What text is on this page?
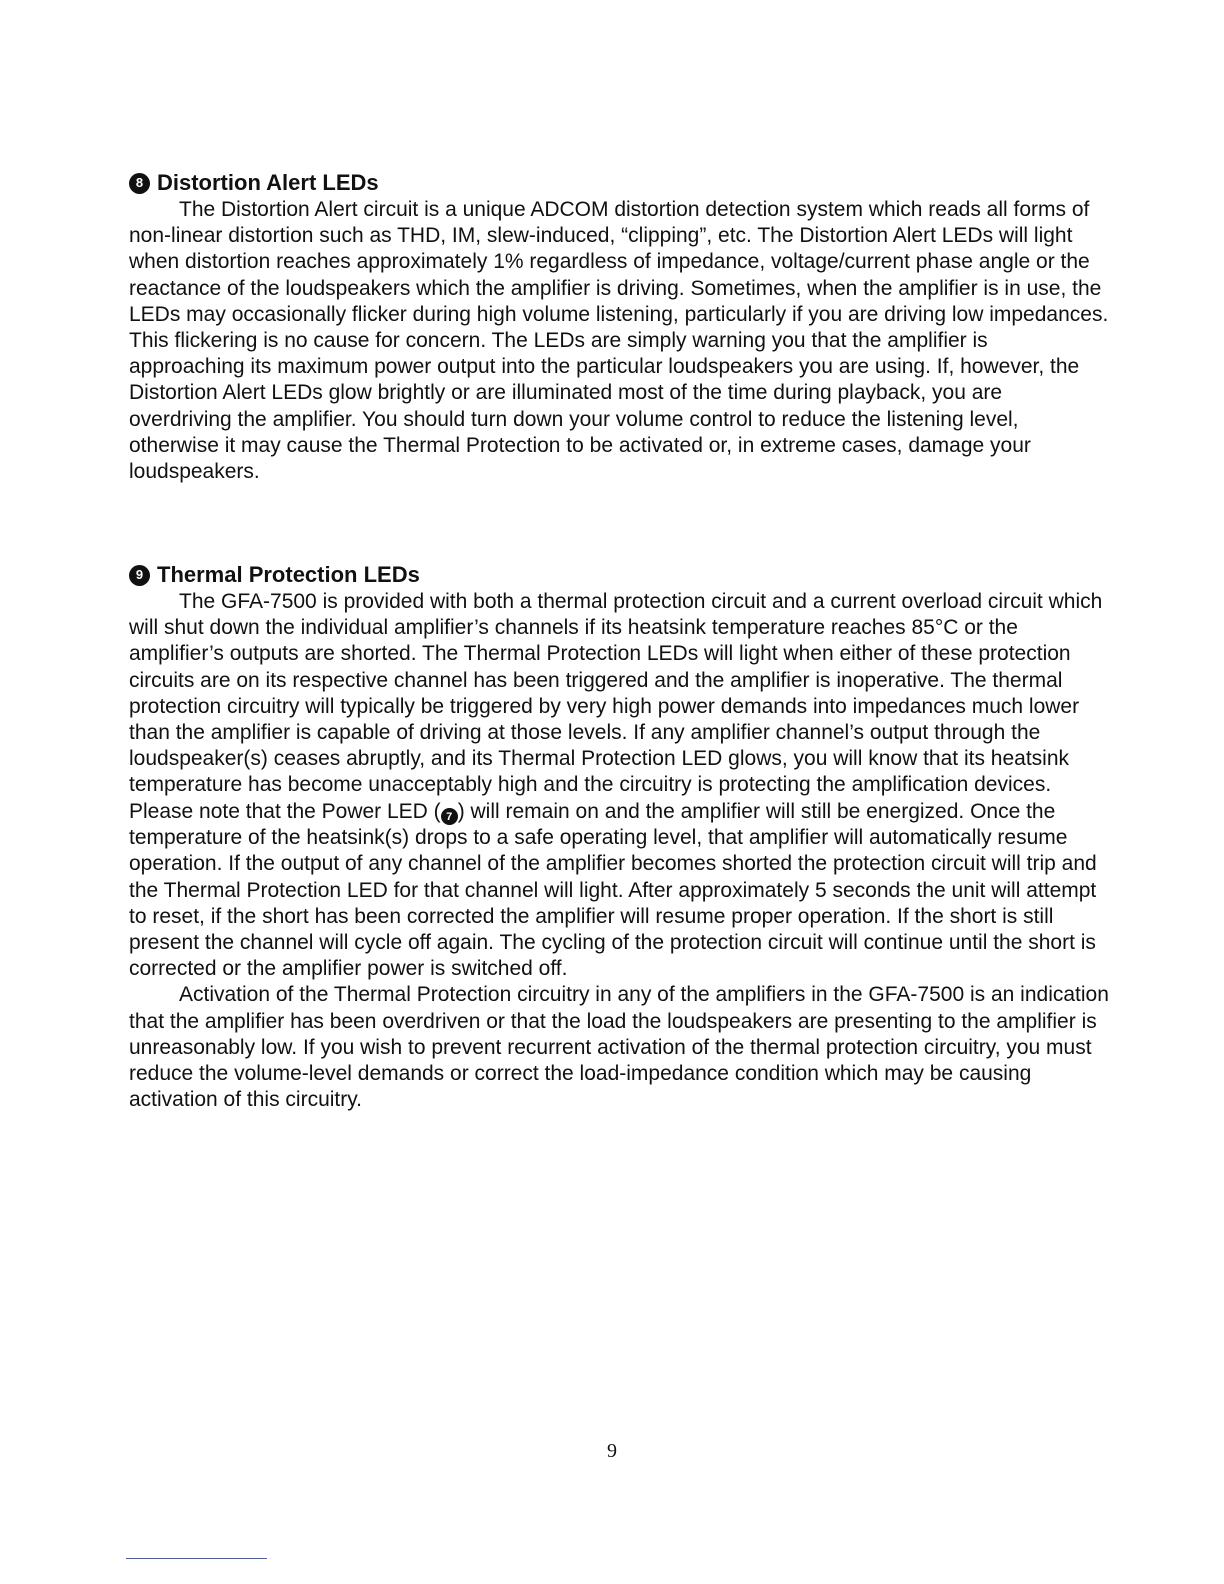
8 Distortion Alert LEDs

The Distortion Alert circuit is a unique ADCOM distortion detection system which reads all forms of non-linear distortion such as THD, IM, slew-induced, “clipping”, etc. The Distortion Alert LEDs will light when distortion reaches approximately 1% regardless of impedance, voltage/current phase angle or the reactance of the loudspeakers which the amplifier is driving. Sometimes, when the amplifier is in use, the LEDs may occasionally flicker during high volume listening, particularly if you are driving low impedances. This flickering is no cause for concern. The LEDs are simply warning you that the amplifier is approaching its maximum power output into the particular loudspeakers you are using. If, however, the Distortion Alert LEDs glow brightly or are illuminated most of the time during playback, you are overdriving the amplifier. You should turn down your volume control to reduce the listening level, otherwise it may cause the Thermal Protection to be activated or, in extreme cases, damage your loudspeakers.

9 Thermal Protection LEDs

The GFA-7500 is provided with both a thermal protection circuit and a current overload circuit which will shut down the individual amplifier’s channels if its heatsink temperature reaches 85°C or the amplifier’s outputs are shorted. The Thermal Protection LEDs will light when either of these protection circuits are on its respective channel has been triggered and the amplifier is inoperative. The thermal protection circuitry will typically be triggered by very high power demands into impedances much lower than the amplifier is capable of driving at those levels. If any amplifier channel’s output through the loudspeaker(s) ceases abruptly, and its Thermal Protection LED glows, you will know that its heatsink temperature has become unacceptably high and the circuitry is protecting the amplification devices. Please note that the Power LED ( 7 ) will remain on and the amplifier will still be energized. Once the temperature of the heatsink(s) drops to a safe operating level, that amplifier will automatically resume operation. If the output of any channel of the amplifier becomes shorted the protection circuit will trip and the Thermal Protection LED for that channel will light. After approximately 5 seconds the unit will attempt to reset, if the short has been corrected the amplifier will resume proper operation. If the short is still present the channel will cycle off again. The cycling of the protection circuit will continue until the short is corrected or the amplifier power is switched off.

Activation of the Thermal Protection circuitry in any of the amplifiers in the GFA-7500 is an indication that the amplifier has been overdriven or that the load the loudspeakers are presenting to the amplifier is unreasonably low. If you wish to prevent recurrent activation of the thermal protection circuitry, you must reduce the volume-level demands or correct the load-impedance condition which may be causing activation of this circuitry.

9
